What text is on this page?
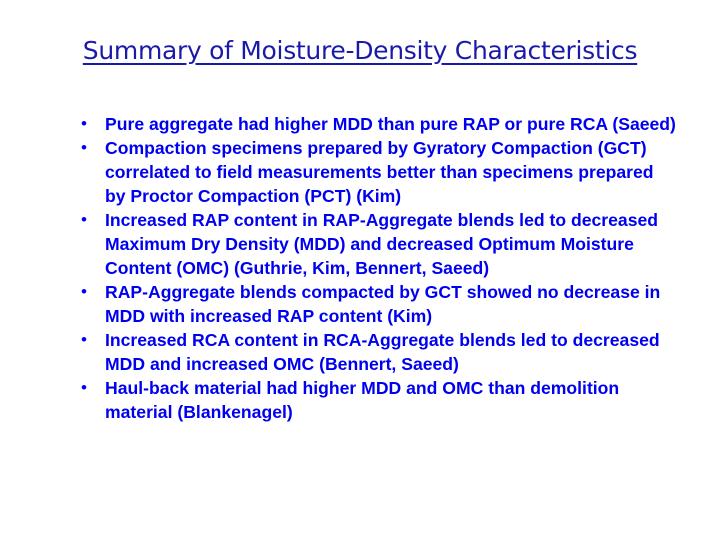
Summary of Moisture-Density Characteristics
• Pure aggregate had higher MDD than pure RAP or pure RCA (Saeed)
• Compaction specimens prepared by Gyratory Compaction (GCT) correlated to field measurements better than specimens prepared by Proctor Compaction (PCT) (Kim)
• Increased RAP content in RAP-Aggregate blends led to decreased Maximum Dry Density (MDD) and decreased Optimum Moisture Content (OMC) (Guthrie, Kim, Bennert, Saeed)
• RAP-Aggregate blends compacted by GCT showed no decrease in MDD with increased RAP content (Kim)
• Increased RCA content in RCA-Aggregate blends led to decreased MDD and increased OMC (Bennert, Saeed)
• Haul-back material had higher MDD and OMC than demolition material (Blankenagel)
